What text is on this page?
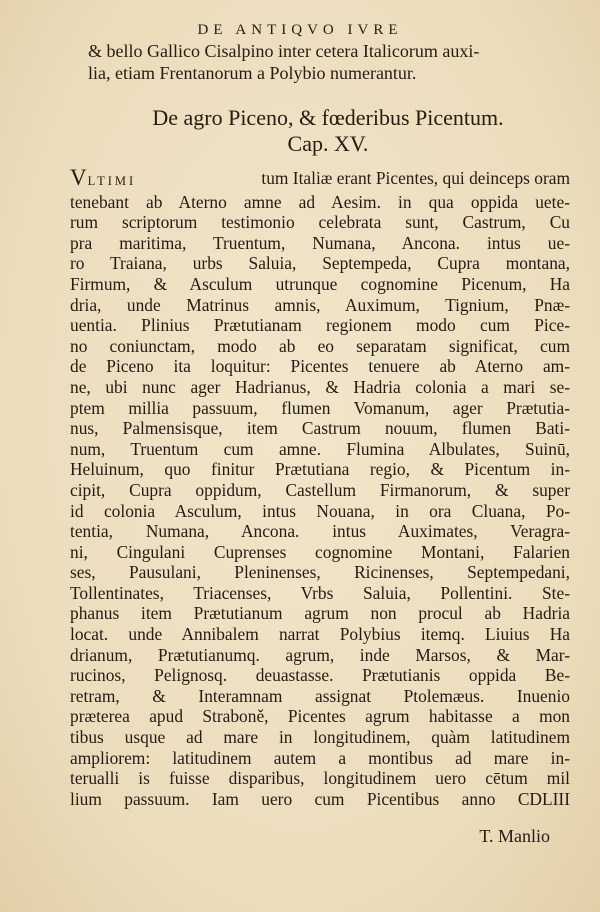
DE ANTIQVO IVRE
& bello Gallico Cisalpino inter cetera Italicorum auxi-
lia, etiam Frentanorum a Polybio numerantur.
De agro Piceno, & fœderibus Picentum.
Cap. XV.
VLTIMI	tum Italiæ erant Picentes, qui deinceps oram
tenebant ab Aterno amne ad Aesim. in qua oppida uete-
rum scriptorum testimonio celebrata sunt, Castrum, Cu
pra maritima, Truentum, Numana, Ancona. intus ue-
ro Traiana, urbs Saluia, Septempeda, Cupra montana,
Firmum, & Asculum utrunque cognomine Picenum, Ha
dria, unde Matrinus amnis, Auximum, Tignium, Pnæ-
uentia. Plinius Prætutianam regionem modo cum Pice-
no coniunctam, modo ab eo separatam significat, cum
de Piceno ita loquitur: Picentes tenuere ab Aterno am-
ne, ubi nunc ager Hadrianus, & Hadria colonia a mari se-
ptem millia passuum, flumen Vomanum, ager Prætutia-
nus, Palmensisque, item Castrum nouum, flumen Bati-
num, Truentum cum amne. Flumina Albulates, Suinū,
Heluinum, quo finitur Prætutiana regio, & Picentum in-
cipit, Cupra oppidum, Castellum Firmanorum, & super
id colonia Asculum, intus Nouana, in ora Cluana, Po-
tentia, Numana, Ancona. intus Auximates, Veragra-
ni, Cingulani Cuprenses cognomine Montani, Falarien
ses, Pausulani, Pleninenses, Ricinenses, Septempedani,
Tollentinates, Triacenses, Vrbs Saluia, Pollentini. Ste-
phanus item Prætutianum agrum non procul ab Hadria
locat. unde Annibalem narrat Polybius itemq. Liuius Ha
drianum, Prætutianumq. agrum, inde Marsos, & Mar-
rucinos, Pelignosq. deuastasse. Prætutianis oppida Be-
retram, & Interamnam assignat Ptolemæus. Inuenio
præterea apud Straboně, Picentes agrum habitasse a mon
tibus usque ad mare in longitudinem, quàm latitudinem
ampliorem: latitudinem autem a montibus ad mare in-
terualli is fuisse disparibus, longitudinem uero cētum mil
lium passuum. Iam uero cum Picentibus anno CDLIII
T. Manlio
